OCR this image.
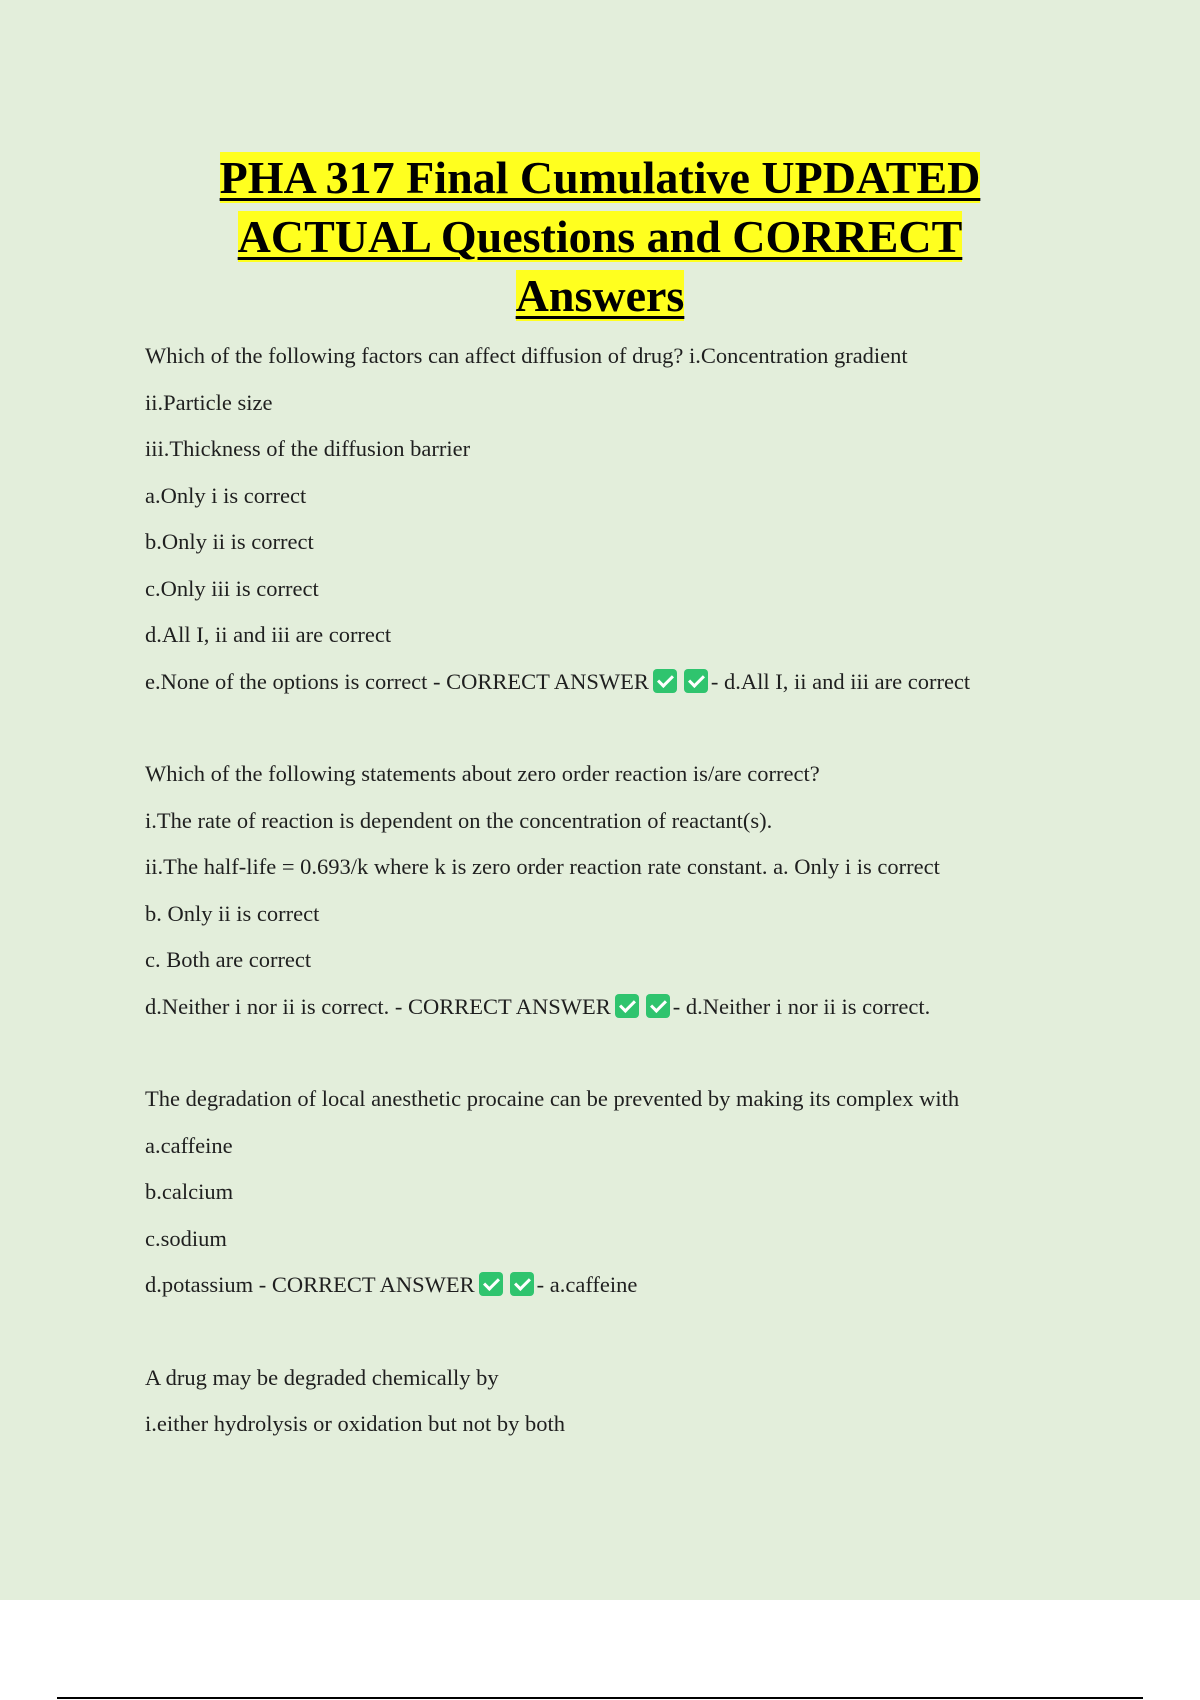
PHA 317 Final Cumulative UPDATED
ACTUAL Questions and CORRECT
Answers
Which of the following factors can affect diffusion of drug? i.Concentration gradient
ii.Particle size
iii.Thickness of the diffusion barrier
a.Only i is correct
b.Only ii is correct
c.Only iii is correct
d.All I, ii and iii are correct
e.None of the options is correct - CORRECT ANSWER	- d.All I, ii and iii are correct
Which of the following statements about zero order reaction is/are correct?
i.The rate of reaction is dependent on the concentration of reactant(s).
ii.The half-life = 0.693/k where k is zero order reaction rate constant. a. Only i is correct
b. Only ii is correct
c. Both are correct
d.Neither i nor ii is correct. - CORRECT ANSWER	- d.Neither i nor ii is correct.
The degradation of local anesthetic procaine can be prevented by making its complex with
a.caffeine
b.calcium
c.sodium
d.potassium - CORRECT ANSWER	- a.caffeine
A drug may be degraded chemically by
i.either hydrolysis or oxidation but not by both
